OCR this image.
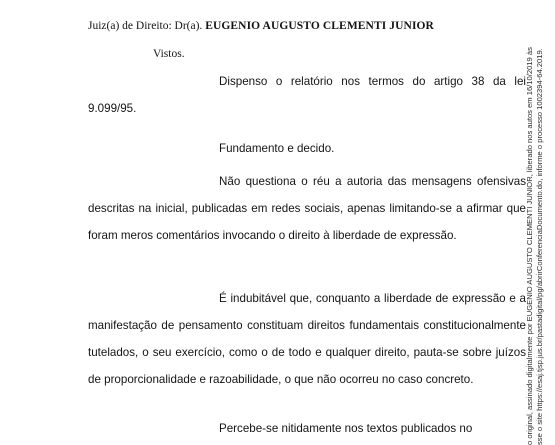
Juiz(a) de Direito: Dr(a). EUGENIO AUGUSTO CLEMENTI JUNIOR
Vistos.

Dispenso o relatório nos termos do artigo 38 da lei 9.099/95.

Fundamento e decido.

Não questiona o réu a autoria das mensagens ofensivas descritas na inicial, publicadas em redes sociais, apenas limitando-se a afirmar que foram meros comentários invocando o direito à liberdade de expressão.

É indubitável que, conquanto a liberdade de expressão e a manifestação de pensamento constituam direitos fundamentais constitucionalmente tutelados, o seu exercício, como o de todo e qualquer direito, pauta-se sobre juízos de proporcionalidade e razoabilidade, o que não ocorreu no caso concreto.

Percebe-se nitidamente nos textos publicados no	o original, assinado digitalmente por EUGENIO AUGUSTO CLEMENTI JUNIOR, liberado nos autos em 16/10/2019 às sse o site https://esaj.tjsp.jus.br/pastadigital/pg/abrirConferenciaDocumento.do, informe o processo 1002394-64.2019.
